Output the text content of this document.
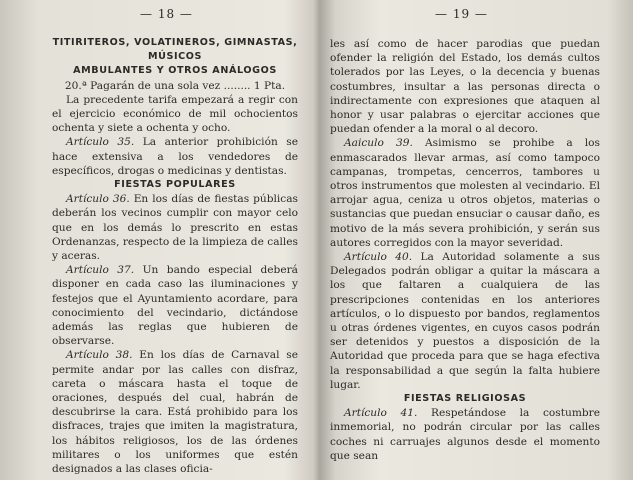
— 18 —

TITIRITEROS, VOLATINEROS, GIMNASTAS, MÚSICOS

AMBULANTES Y OTROS ANÁLOGOS

20.ª Pagarán de una sola vez ........ 1 Pta.

La precedente tarifa empezará a regir con el ejercicio económico de mil ochocientos ochenta y siete a ochenta y ocho.

Artículo 35. La anterior prohibición se hace extensiva a los vendedores de específicos, drogas o medicinas y dentistas.

FIESTAS POPULARES

Artículo 36. En los días de fiestas públicas deberán los vecinos cumplir con mayor celo que en los demás lo prescrito en estas Ordenanzas, respecto de la limpieza de calles y aceras.

Artículo 37. Un bando especial deberá disponer en cada caso las iluminaciones y festejos que el Ayuntamiento acordare, para conocimiento del vecindario, dictándose además las reglas que hubieren de observarse.

Artículo 38. En los días de Carnaval se permite andar por las calles con disfraz, careta o máscara hasta el toque de oraciones, después del cual, habrán de descubrirse la cara. Está prohibido para los disfraces, trajes que imiten la magistratura, los hábitos religiosos, los de las órdenes militares o los uniformes que estén designados a las clases oficia-

— 19 —

les así como de hacer parodias que puedan ofender la religión del Estado, los demás cultos tolerados por las Leyes, o la decencia y buenas costumbres, insultar a las personas directa o indirectamente con expresiones que ataquen al honor y usar palabras o ejercitar acciones que puedan ofender a la moral o al decoro.

Aaiculo 39. Asimismo se prohibe a los enmascarados llevar armas, así como tampoco campanas, trompetas, cencerros, tambores u otros instrumentos que molesten al vecindario. El arrojar agua, ceniza u otros objetos, materias o sustancias que puedan ensuciar o causar daño, es motivo de la más severa prohibición, y serán sus autores corregidos con la mayor severidad.

Artículo 40. La Autoridad solamente a sus Delegados podrán obligar a quitar la máscara a los que faltaren a cualquiera de las prescripciones contenidas en los anteriores artículos, o lo dispuesto por bandos, reglamentos u otras órdenes vigentes, en cuyos casos podrán ser detenidos y puestos a disposición de la Autoridad que proceda para que se haga efectiva la responsabilidad a que según la falta hubiere lugar.

FIESTAS RELIGIOSAS

Artículo 41. Respetándose la costumbre inmemorial, no podrán circular por las calles coches ni carruajes algunos desde el momento que sean
